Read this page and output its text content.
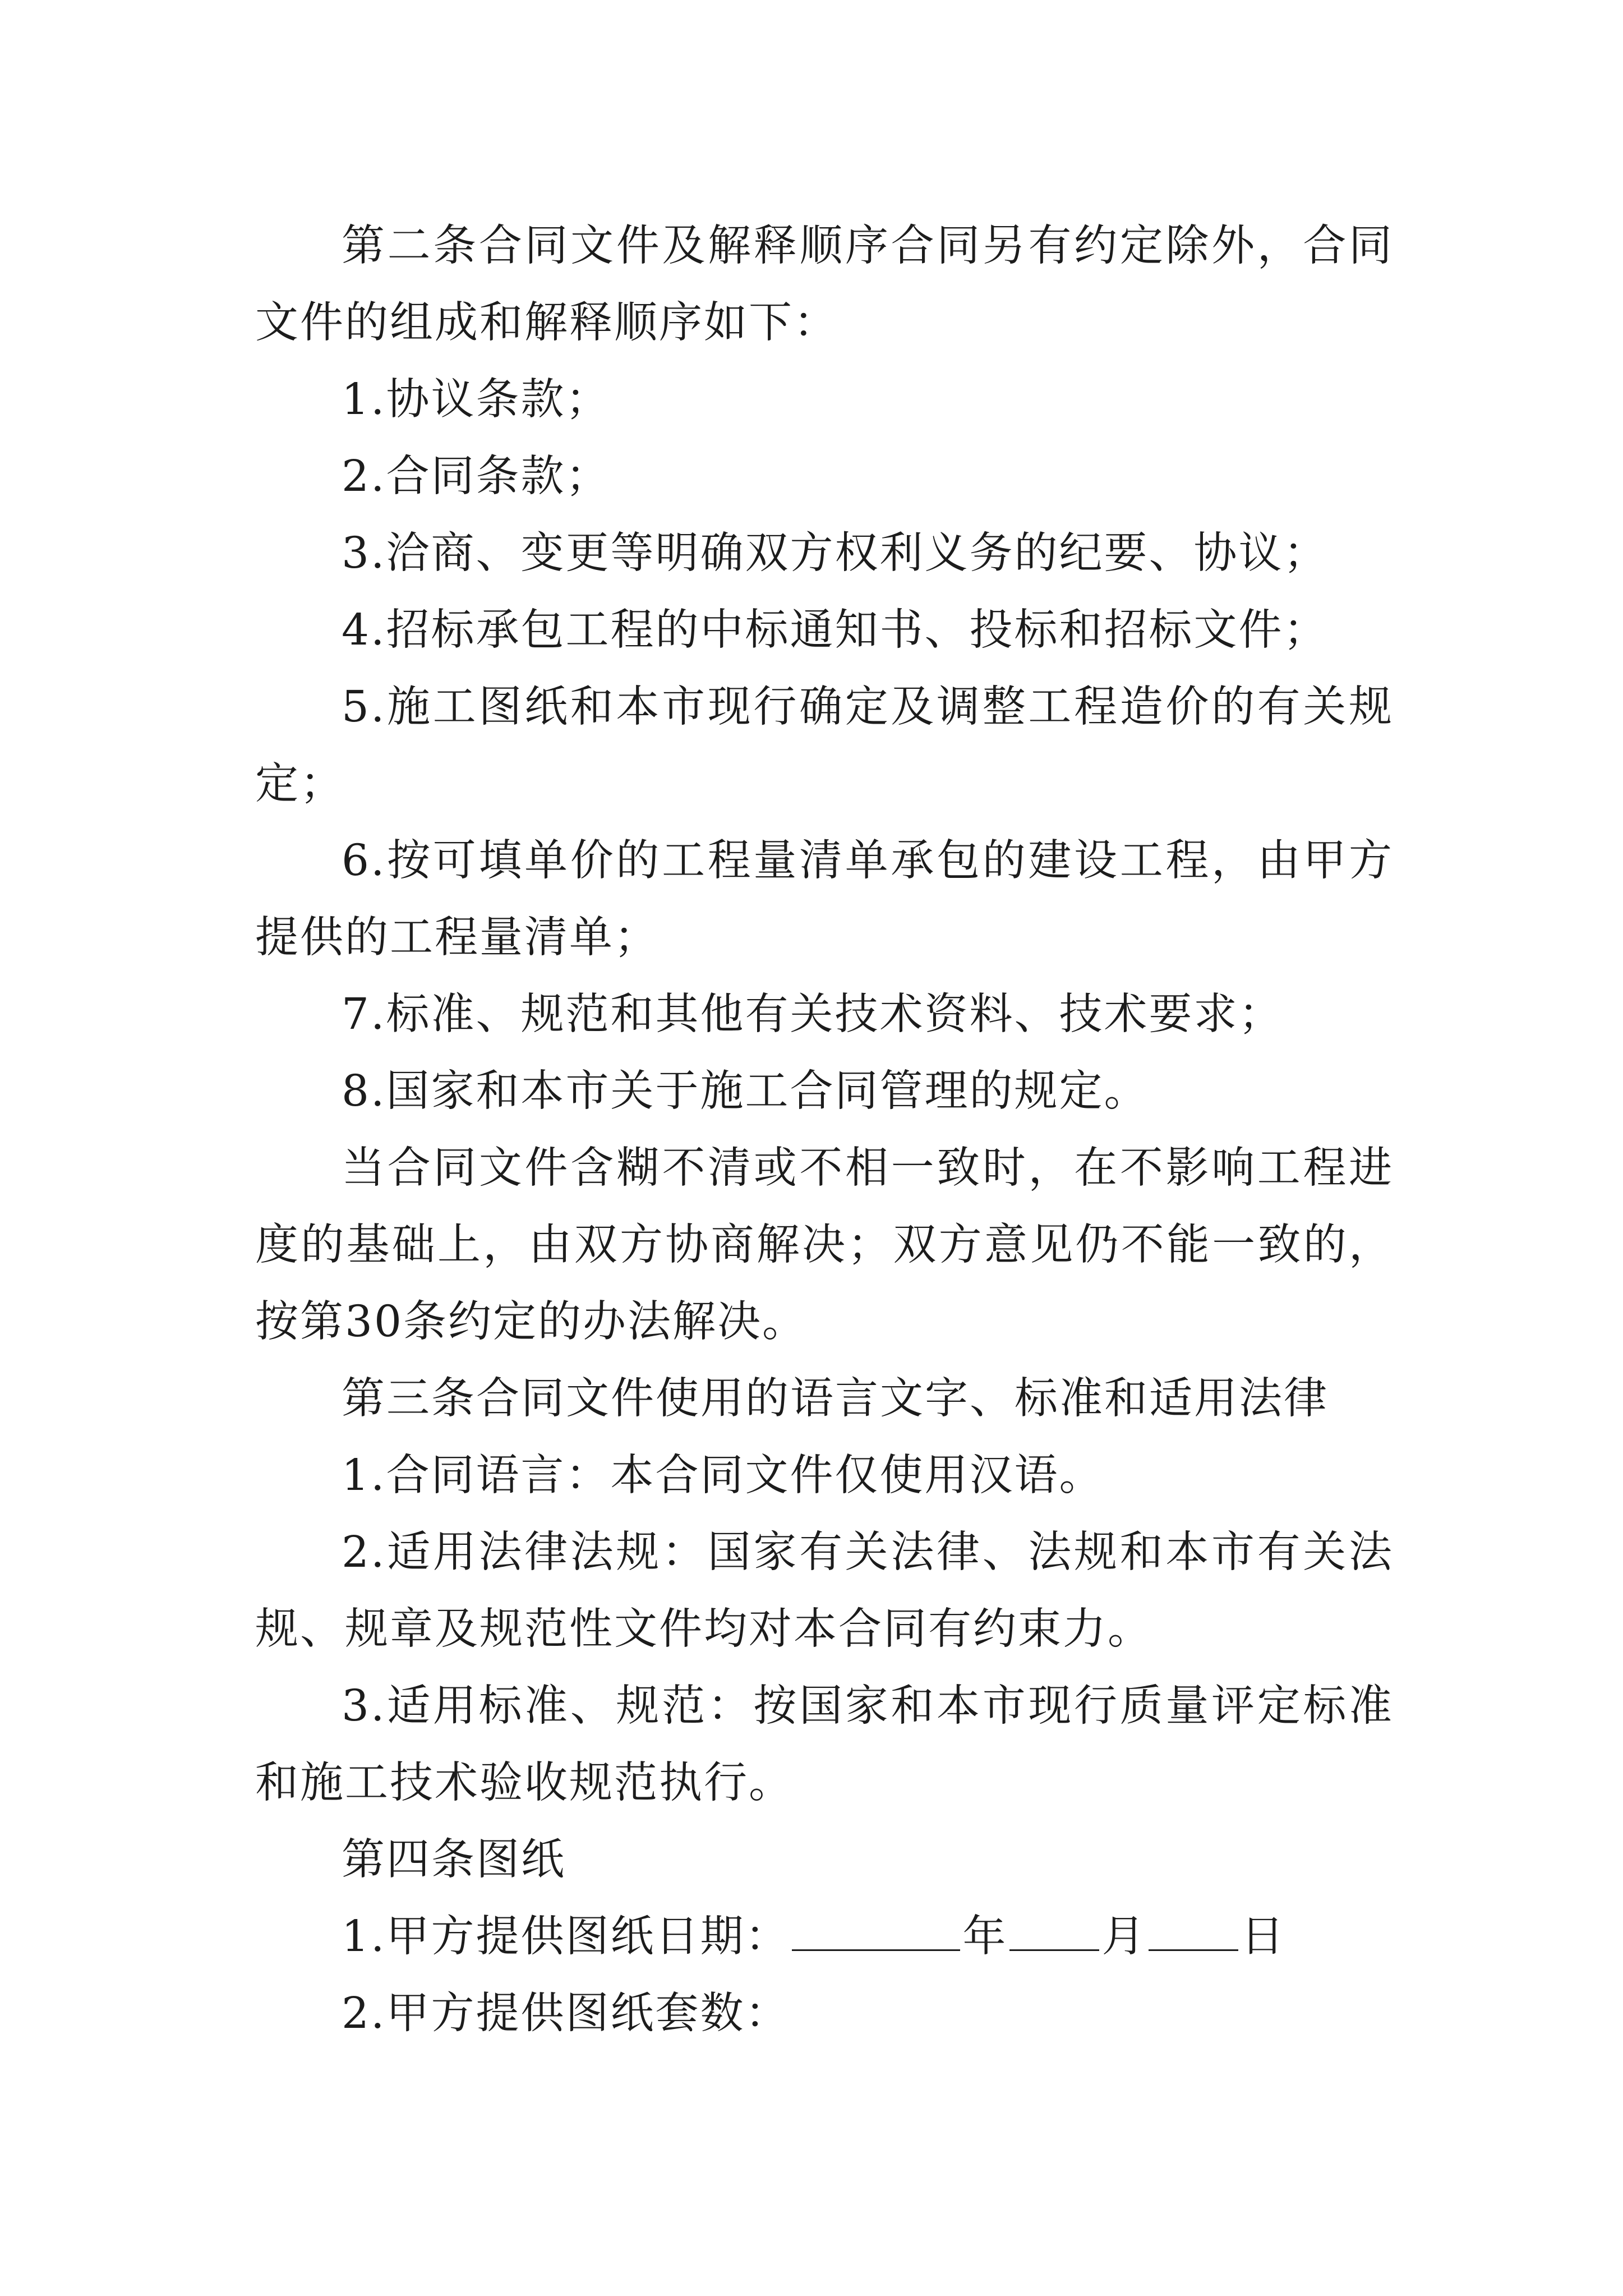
第二条合同文件及解释顺序合同另有约定除外，合同文件的组成和解释顺序如下：

1.协议条款；

2.合同条款；

3.洽商、变更等明确双方权利义务的纪要、协议；

4.招标承包工程的中标通知书、投标和招标文件；

5.施工图纸和本市现行确定及调整工程造价的有关规定；

6.按可填单价的工程量清单承包的建设工程，由甲方提供的工程量清单；

7.标准、规范和其他有关技术资料、技术要求；

8.国家和本市关于施工合同管理的规定。

当合同文件含糊不清或不相一致时，在不影响工程进度的基础上，由双方协商解决；双方意见仍不能一致的，按第30条约定的办法解决。

第三条合同文件使用的语言文字、标准和适用法律

1.合同语言：本合同文件仅使用汉语。

2.适用法律法规：国家有关法律、法规和本市有关法规、规章及规范性文件均对本合同有约束力。

3.适用标准、规范：按国家和本市现行质量评定标准和施工技术验收规范执行。

第四条图纸

1.甲方提供图纸日期：	年 月 日

2.甲方提供图纸套数：
